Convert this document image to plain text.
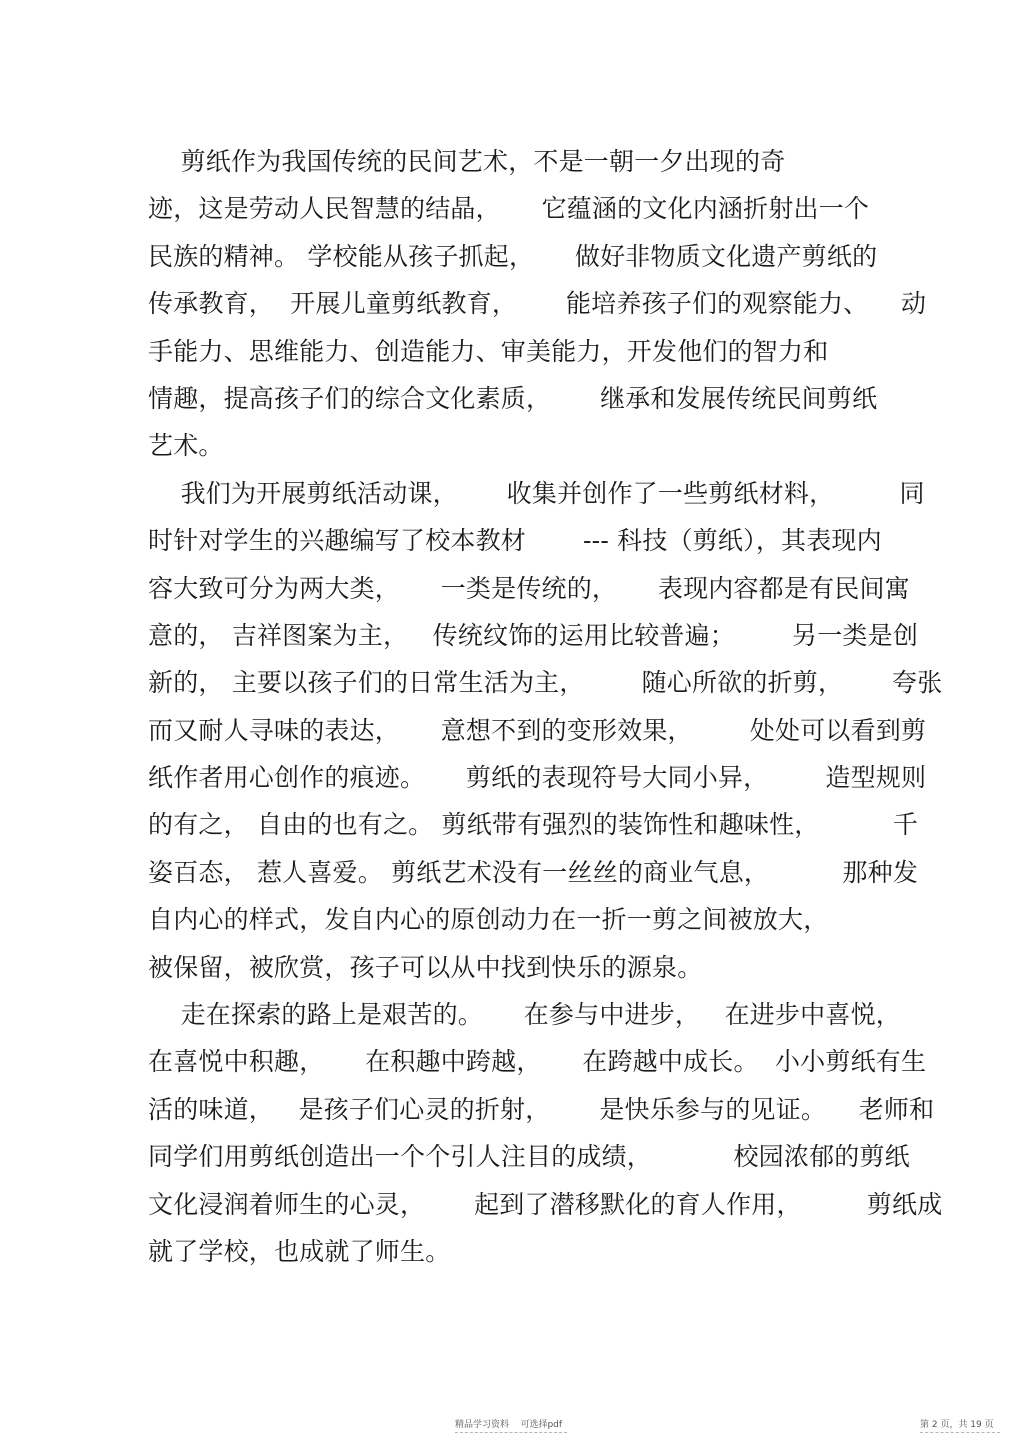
剪纸作为我国传统的民间艺术，不是一朝一夕出现的奇
迹，这是劳动人民智慧的结晶，     它蕴涵的文化内涵折射出一个
民族的精神。 学校能从孩子抓起，     做好非物质文化遗产剪纸的
传承教育，  开展儿童剪纸教育，      能培养孩子们的观察能力、    动
手能力、思维能力、创造能力、审美能力，开发他们的智力和
情趣，提高孩子们的综合文化素质，      继承和发展传统民间剪纸
艺术。
我们为开展剪纸活动课，      收集并创作了一些剪纸材料，        同
时针对学生的兴趣编写了校本教材       --- 科技（剪纸），其表现内
容大致可分为两大类，     一类是传统的，     表现内容都是有民间寓
意的， 吉祥图案为主，   传统纹饰的运用比较普遍；       另一类是创
新的， 主要以孩子们的日常生活为主，       随心所欲的折剪，      夸张
而又耐人寻味的表达，     意想不到的变形效果，       处处可以看到剪
纸作者用心创作的痕迹。     剪纸的表现符号大同小异，       造型规则
的有之， 自由的也有之。 剪纸带有强烈的装饰性和趣味性，         千
姿百态， 惹人喜爱。 剪纸艺术没有一丝丝的商业气息，         那种发
自内心的样式，发自内心的原创动力在一折一剪之间被放大，
被保留，被欣赏，孩子可以从中找到快乐的源泉。
走在探索的路上是艰苦的。     在参与中进步，   在进步中喜悦，
在喜悦中积趣，     在积趣中跨越，     在跨越中成长。  小小剪纸有生
活的味道，   是孩子们心灵的折射，      是快乐参与的见证。    老师和
同学们用剪纸创造出一个个引人注目的成绩，          校园浓郁的剪纸
文化浸润着师生的心灵，      起到了潜移默化的育人作用，        剪纸成
就了学校，也成就了师生。
精品学习资料    可选择pdf	第 2 页，共 19 页
